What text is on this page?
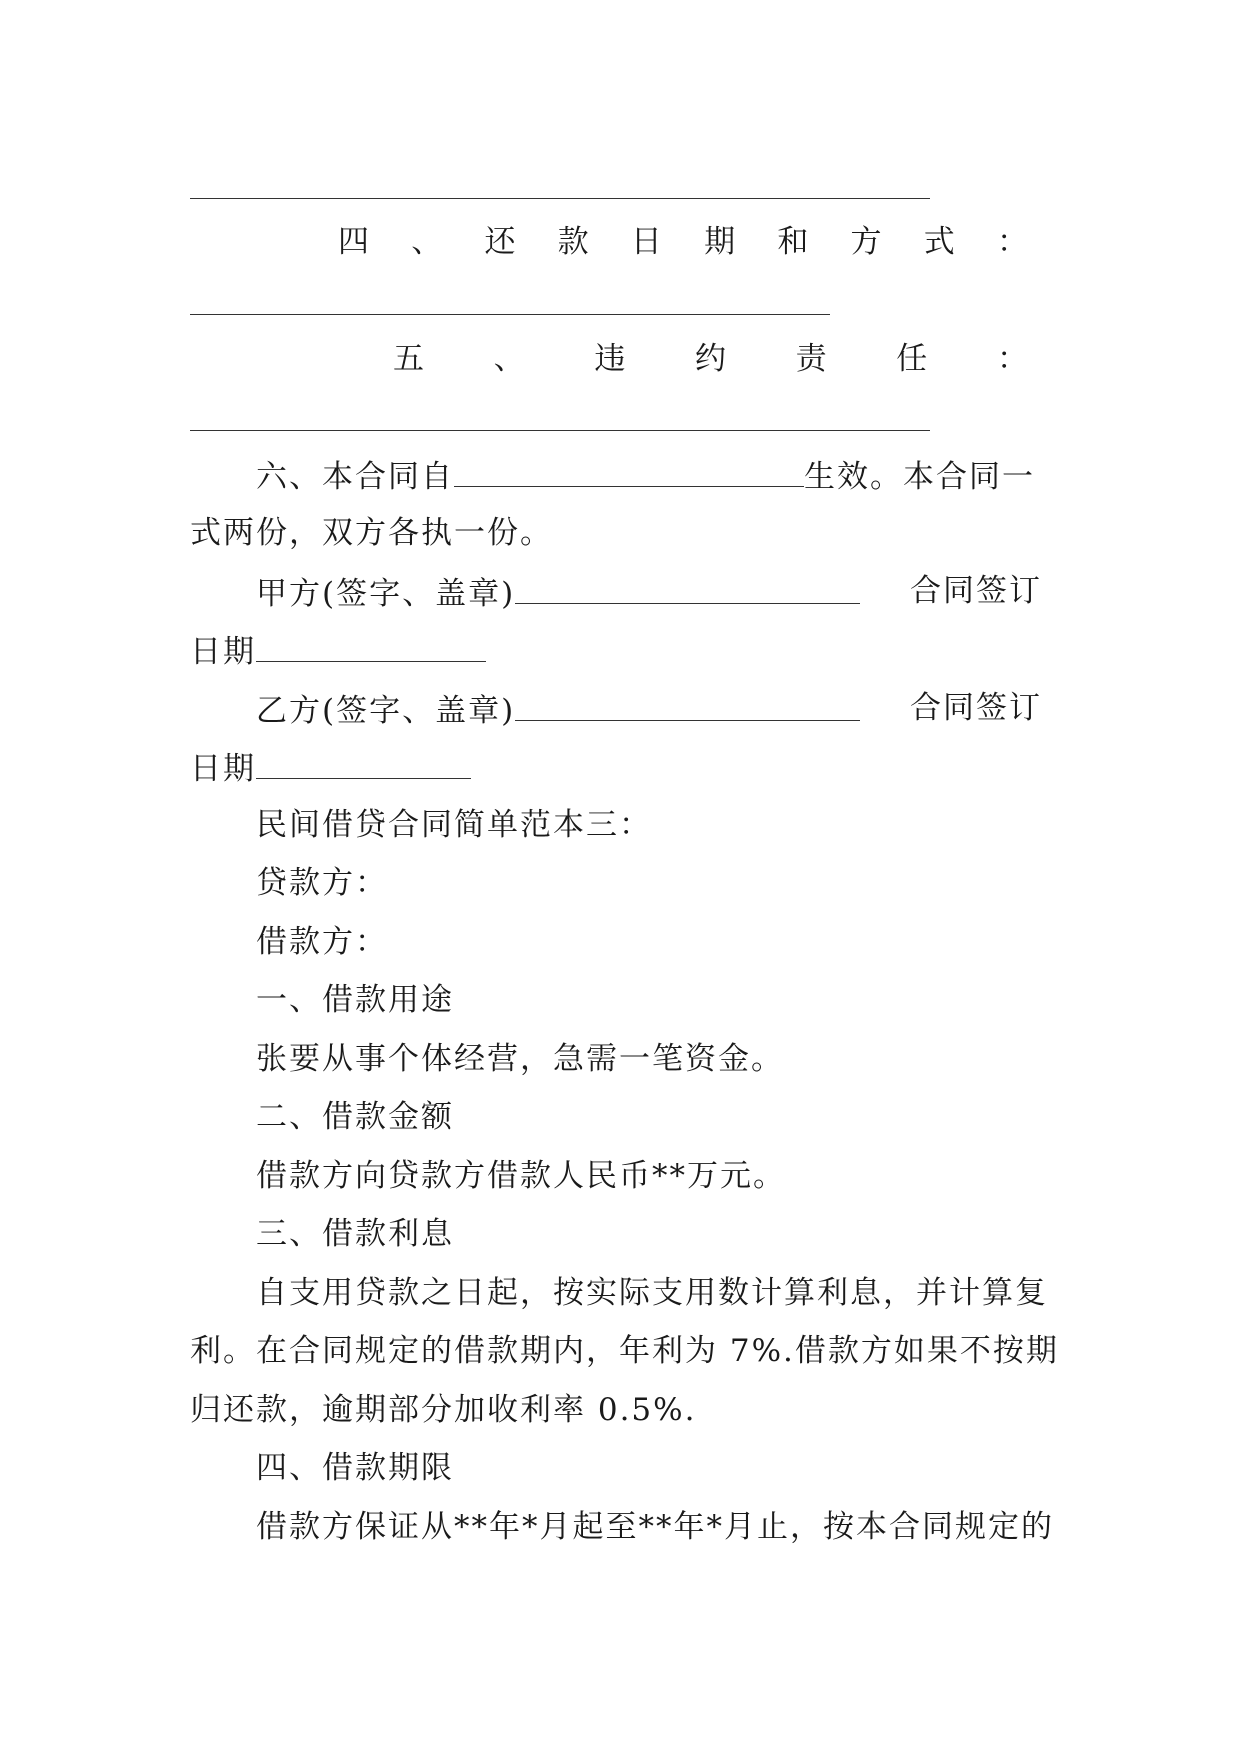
四 、 还 款 日 期 和 方 式 ：
五 、 违 约 责 任 ：
六、本合同自	生效。本合同一
式两份，双方各执一份。
甲方(签字、盖章)	合同签订
日期
乙方(签字、盖章)	合同签订
日期
民间借贷合同简单范本三：
贷款方：
借款方：
一、借款用途
张要从事个体经营，急需一笔资金。
二、借款金额
借款方向贷款方借款人民币**万元。
三、借款利息
自支用贷款之日起，按实际支用数计算利息，并计算复
利。在合同规定的借款期内，年利为 7%.借款方如果不按期
归还款，逾期部分加收利率 0.5%.
四、借款期限
借款方保证从**年*月起至**年*月止，按本合同规定的
